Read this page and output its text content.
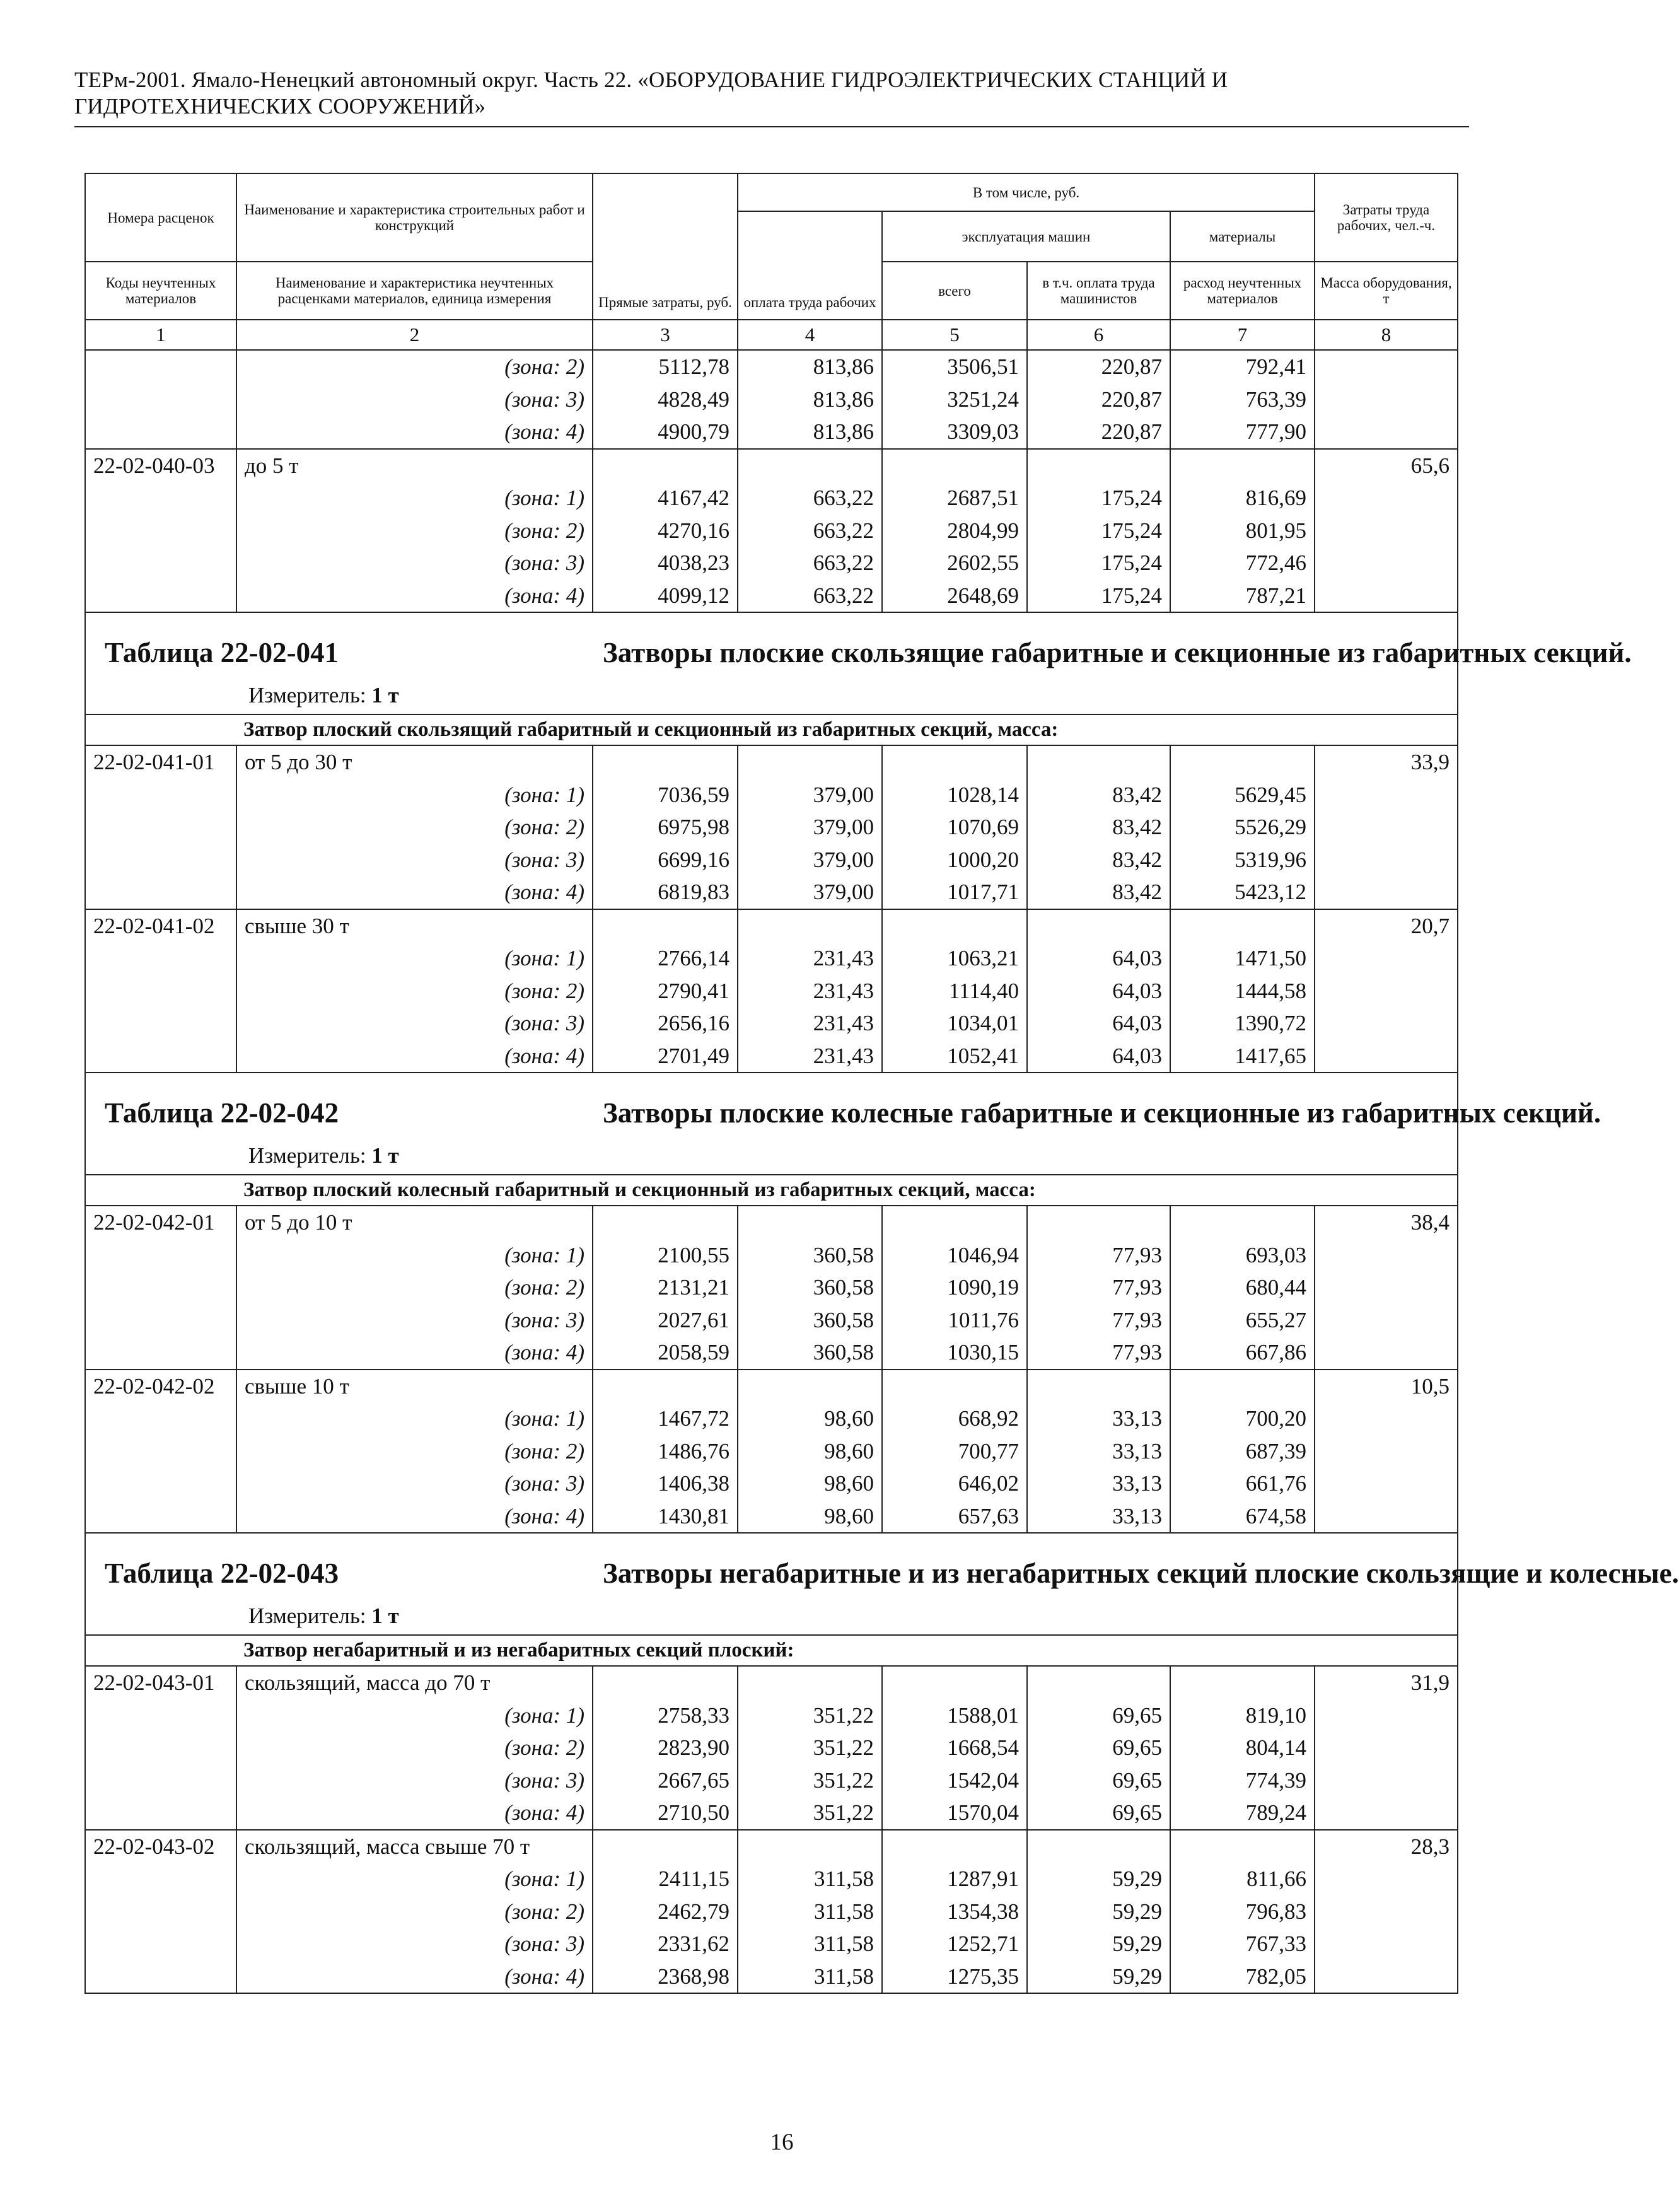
ТЕРм-2001. Ямало-Ненецкий автономный округ. Часть 22. «ОБОРУДОВАНИЕ ГИДРОЭЛЕКТРИЧЕСКИХ СТАНЦИЙ И
ГИДРОТЕХНИЧЕСКИХ СООРУЖЕНИЙ»
Номера расценок	Наименование и характеристика строительных работ и конструкций	Прямые затраты, руб.	В том числе, руб.				Затраты труда рабочих, чел.-ч.
			оплата труда рабочих	эксплуатация машин		материалы	
Коды неучтенных материалов	Наименование и характеристика неучтенных расценками материалов, единица измерения			всего	в т.ч. оплата труда машинистов	расход неучтенных материалов	Масса оборудования, т
1	2	3	4	5	6	7	8
	(зона: 2)	5112,78	813,86	3506,51	220,87	792,41	
	(зона: 3)	4828,49	813,86	3251,24	220,87	763,39	
	(зона: 4)	4900,79	813,86	3309,03	220,87	777,90	
22-02-040-03	до 5 т						65,6
	(зона: 1)	4167,42	663,22	2687,51	175,24	816,69	
	(зона: 2)	4270,16	663,22	2804,99	175,24	801,95	
	(зона: 3)	4038,23	663,22	2602,55	175,24	772,46	
	(зона: 4)	4099,12	663,22	2648,69	175,24	787,21	

Таблица 22-02-041 Затворы плоские скользящие габаритные и секционные из габаритных секций.
Измеритель: 1 т							

Затвор плоский скользящий габаритный и секционный из габаритных секций, масса:							
22-02-041-01	от 5 до 30 т						33,9
	(зона: 1)	7036,59	379,00	1028,14	83,42	5629,45	
	(зона: 2)	6975,98	379,00	1070,69	83,42	5526,29	
	(зона: 3)	6699,16	379,00	1000,20	83,42	5319,96	
	(зона: 4)	6819,83	379,00	1017,71	83,42	5423,12	
22-02-041-02	свыше 30 т						20,7
	(зона: 1)	2766,14	231,43	1063,21	64,03	1471,50	
	(зона: 2)	2790,41	231,43	1114,40	64,03	1444,58	
	(зона: 3)	2656,16	231,43	1034,01	64,03	1390,72	
	(зона: 4)	2701,49	231,43	1052,41	64,03	1417,65	

Таблица 22-02-042 Затворы плоские колесные габаритные и секционные из габаритных секций.
Измеритель: 1 т							

Затвор плоский колесный габаритный и секционный из габаритных секций, масса:							
22-02-042-01	от 5 до 10 т						38,4
	(зона: 1)	2100,55	360,58	1046,94	77,93	693,03	
	(зона: 2)	2131,21	360,58	1090,19	77,93	680,44	
	(зона: 3)	2027,61	360,58	1011,76	77,93	655,27	
	(зона: 4)	2058,59	360,58	1030,15	77,93	667,86	
22-02-042-02	свыше 10 т						10,5
	(зона: 1)	1467,72	98,60	668,92	33,13	700,20	
	(зона: 2)	1486,76	98,60	700,77	33,13	687,39	
	(зона: 3)	1406,38	98,60	646,02	33,13	661,76	
	(зона: 4)	1430,81	98,60	657,63	33,13	674,58	

Таблица 22-02-043 Затворы негабаритные и из негабаритных секций плоские скользящие и колесные.
Измеритель: 1 т							

Затвор негабаритный и из негабаритных секций плоский:							
22-02-043-01	скользящий, масса до 70 т						31,9
	(зона: 1)	2758,33	351,22	1588,01	69,65	819,10	
	(зона: 2)	2823,90	351,22	1668,54	69,65	804,14	
	(зона: 3)	2667,65	351,22	1542,04	69,65	774,39	
	(зона: 4)	2710,50	351,22	1570,04	69,65	789,24	
22-02-043-02	скользящий, масса свыше 70 т						28,3
	(зона: 1)	2411,15	311,58	1287,91	59,29	811,66	
	(зона: 2)	2462,79	311,58	1354,38	59,29	796,83	
	(зона: 3)	2331,62	311,58	1252,71	59,29	767,33	
	(зона: 4)	2368,98	311,58	1275,35	59,29	782,05	
16
